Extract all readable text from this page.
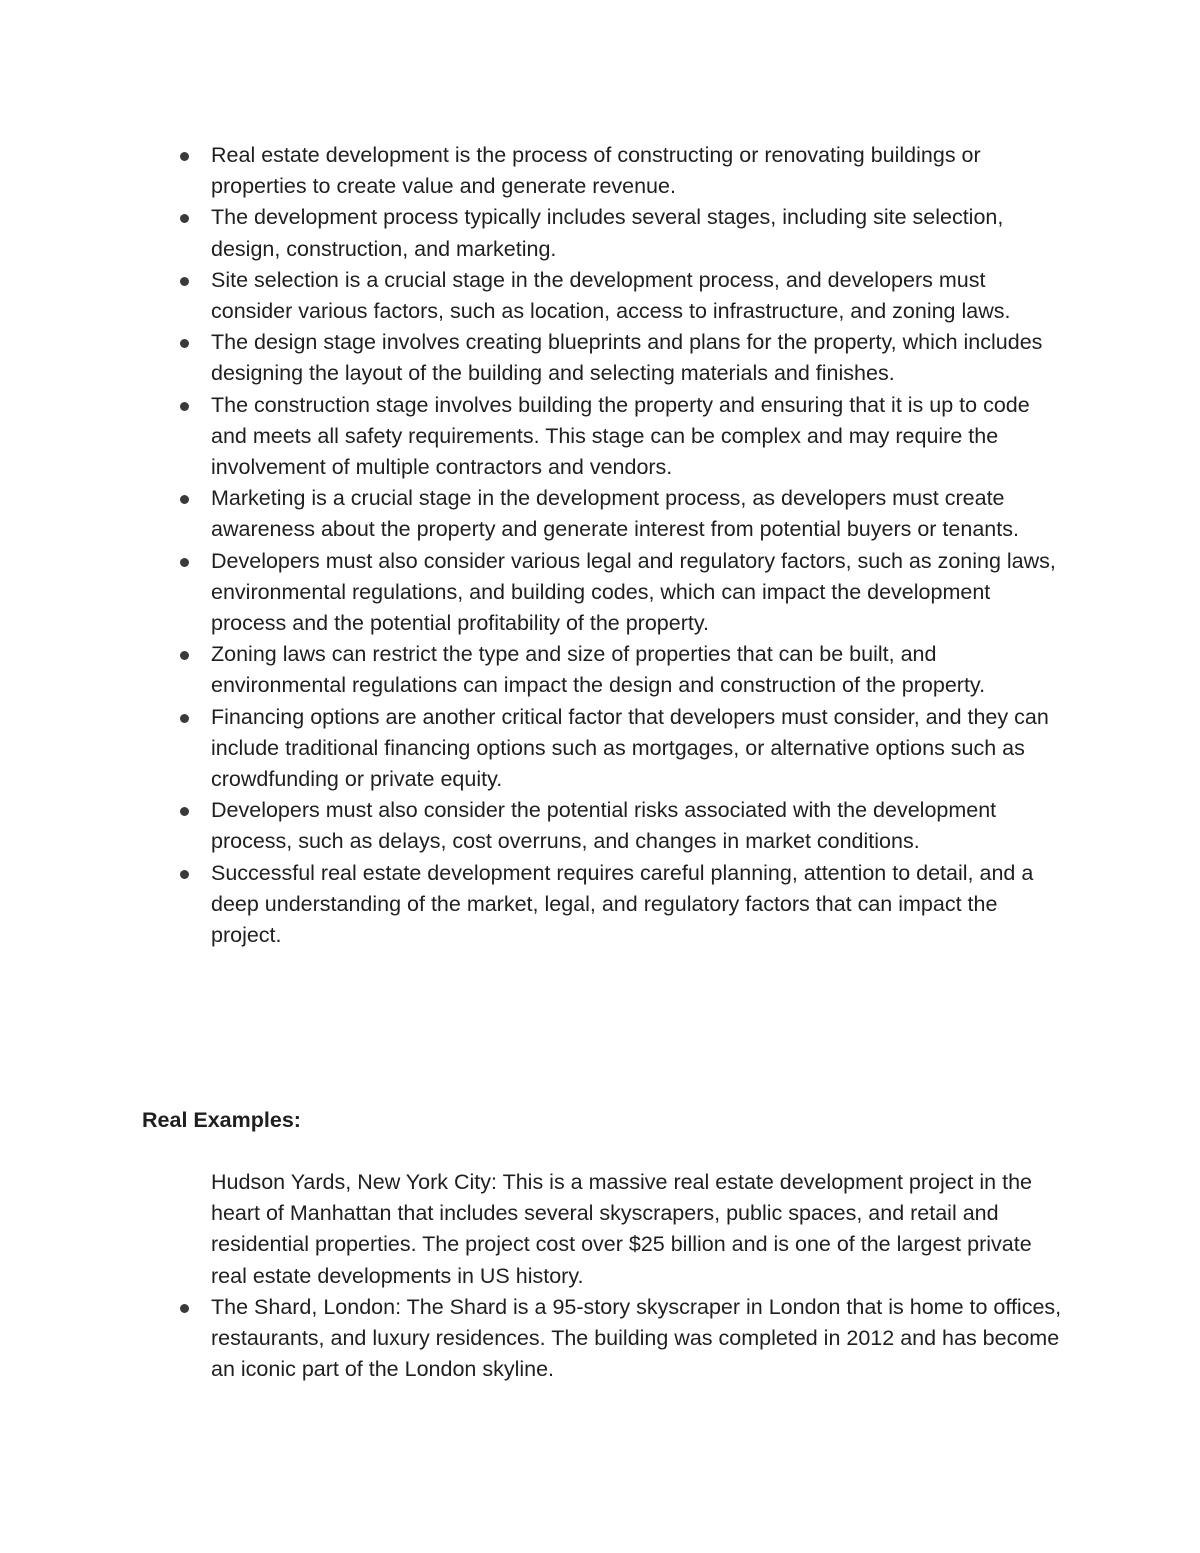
Real estate development is the process of constructing or renovating buildings or properties to create value and generate revenue.
The development process typically includes several stages, including site selection, design, construction, and marketing.
Site selection is a crucial stage in the development process, and developers must consider various factors, such as location, access to infrastructure, and zoning laws.
The design stage involves creating blueprints and plans for the property, which includes designing the layout of the building and selecting materials and finishes.
The construction stage involves building the property and ensuring that it is up to code and meets all safety requirements. This stage can be complex and may require the involvement of multiple contractors and vendors.
Marketing is a crucial stage in the development process, as developers must create awareness about the property and generate interest from potential buyers or tenants.
Developers must also consider various legal and regulatory factors, such as zoning laws, environmental regulations, and building codes, which can impact the development process and the potential profitability of the property.
Zoning laws can restrict the type and size of properties that can be built, and environmental regulations can impact the design and construction of the property.
Financing options are another critical factor that developers must consider, and they can include traditional financing options such as mortgages, or alternative options such as crowdfunding or private equity.
Developers must also consider the potential risks associated with the development process, such as delays, cost overruns, and changes in market conditions.
Successful real estate development requires careful planning, attention to detail, and a deep understanding of the market, legal, and regulatory factors that can impact the project.
Real Examples:
Hudson Yards, New York City: This is a massive real estate development project in the heart of Manhattan that includes several skyscrapers, public spaces, and retail and residential properties. The project cost over $25 billion and is one of the largest private real estate developments in US history.
The Shard, London: The Shard is a 95-story skyscraper in London that is home to offices, restaurants, and luxury residences. The building was completed in 2012 and has become an iconic part of the London skyline.
